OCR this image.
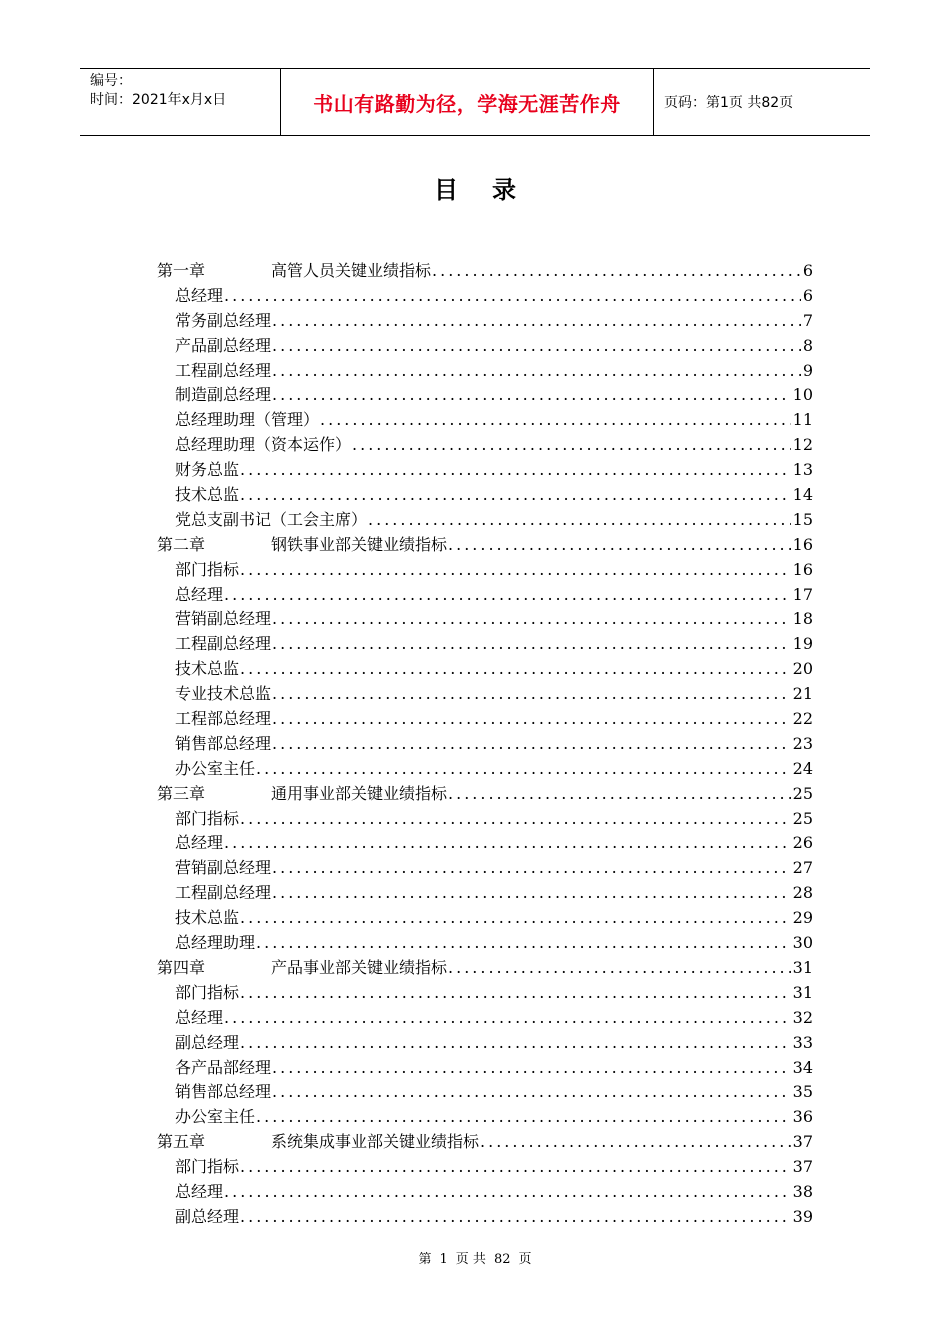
编号：
时间：2021年x月x日	书山有路勤为径，学海无涯苦作舟	页码：第1页 共82页
目录
第一章	高管人员关键业绩指标 .....	6
总经理 .....	6
常务副总经理 .....	7
产品副总经理 .....	8
工程副总经理 .....	9
制造副总经理 .....	10
总经理助理（管理） .....	11
总经理助理（资本运作） .....	12
财务总监 .....	13
技术总监 .....	14
党总支副书记（工会主席） .....	15
第二章	钢铁事业部关键业绩指标 .....	16
部门指标 .....	16
总经理 .....	17
营销副总经理 .....	18
工程副总经理 .....	19
技术总监 .....	20
专业技术总监 .....	21
工程部总经理 .....	22
销售部总经理 .....	23
办公室主任 .....	24
第三章	通用事业部关键业绩指标 .....	25
部门指标 .....	25
总经理 .....	26
营销副总经理 .....	27
工程副总经理 .....	28
技术总监 .....	29
总经理助理 .....	30
第四章	产品事业部关键业绩指标 .....	31
部门指标 .....	31
总经理 .....	32
副总经理 .....	33
各产品部经理 .....	34
销售部总经理 .....	35
办公室主任 .....	36
第五章	系统集成事业部关键业绩指标 .....	37
部门指标 .....	37
总经理 .....	38
副总经理 .....	39
第 1 页 共 82 页
